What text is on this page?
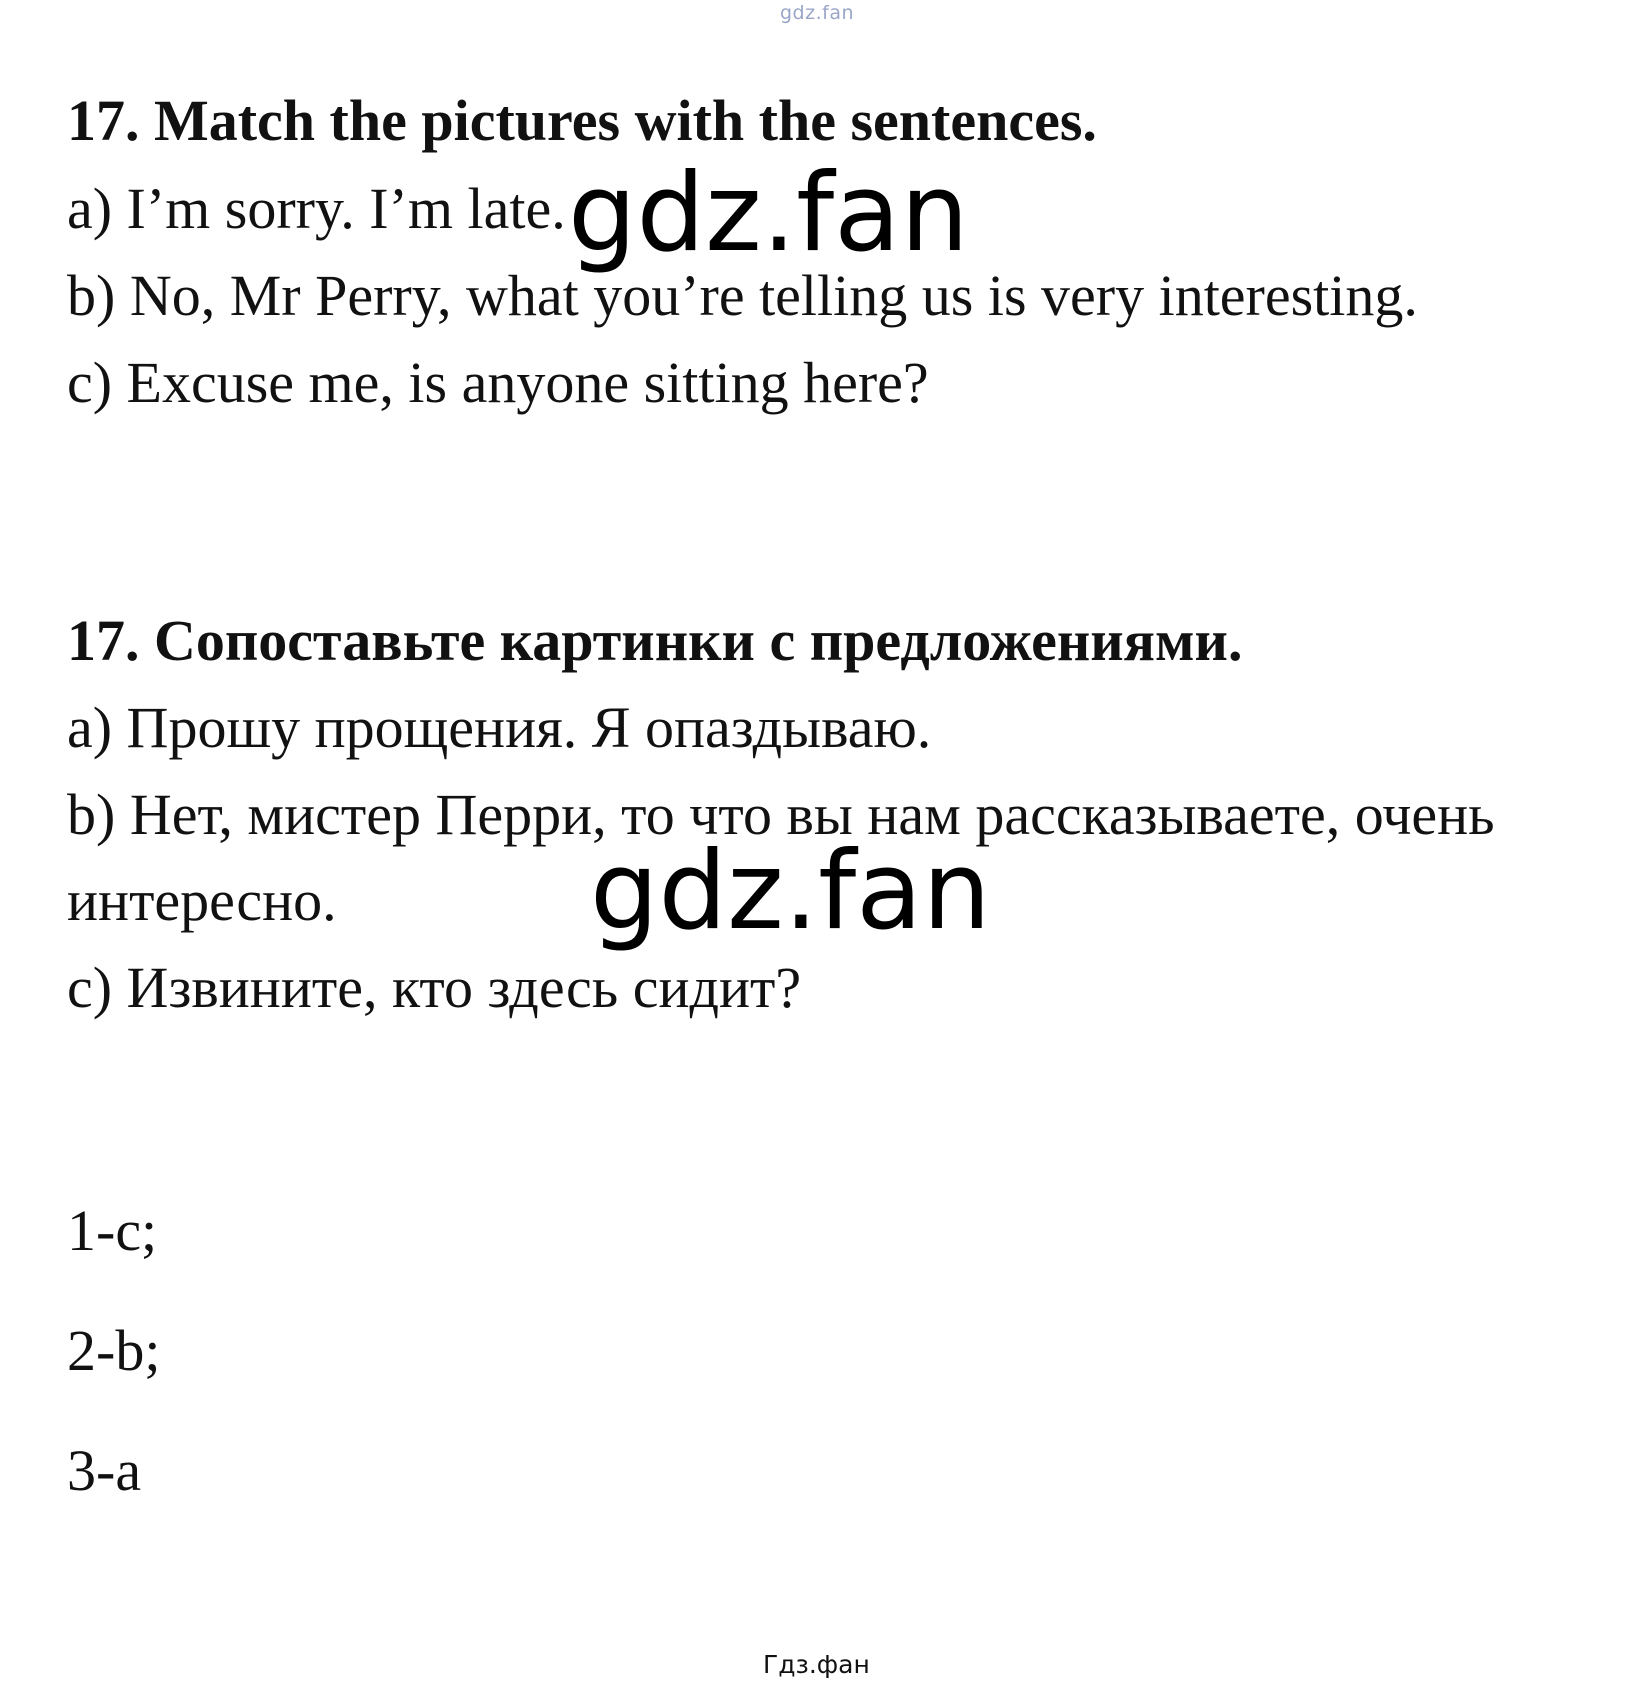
gdz.fan
17. Match the pictures with the sentences.
a) I’m sorry. I’m late.
b) No, Mr Perry, what you’re telling us is very interesting.
c) Excuse me, is anyone sitting here?
gdz.fan
17. Сопоставьте картинки с предложениями.
a) Прошу прощения. Я опаздываю.
b) Нет, мистер Перри, то что вы нам рассказываете, очень
интересно.
c) Извините, кто здесь сидит?
gdz.fan
1-c;
2-b;
3-a
Гдз.фан
